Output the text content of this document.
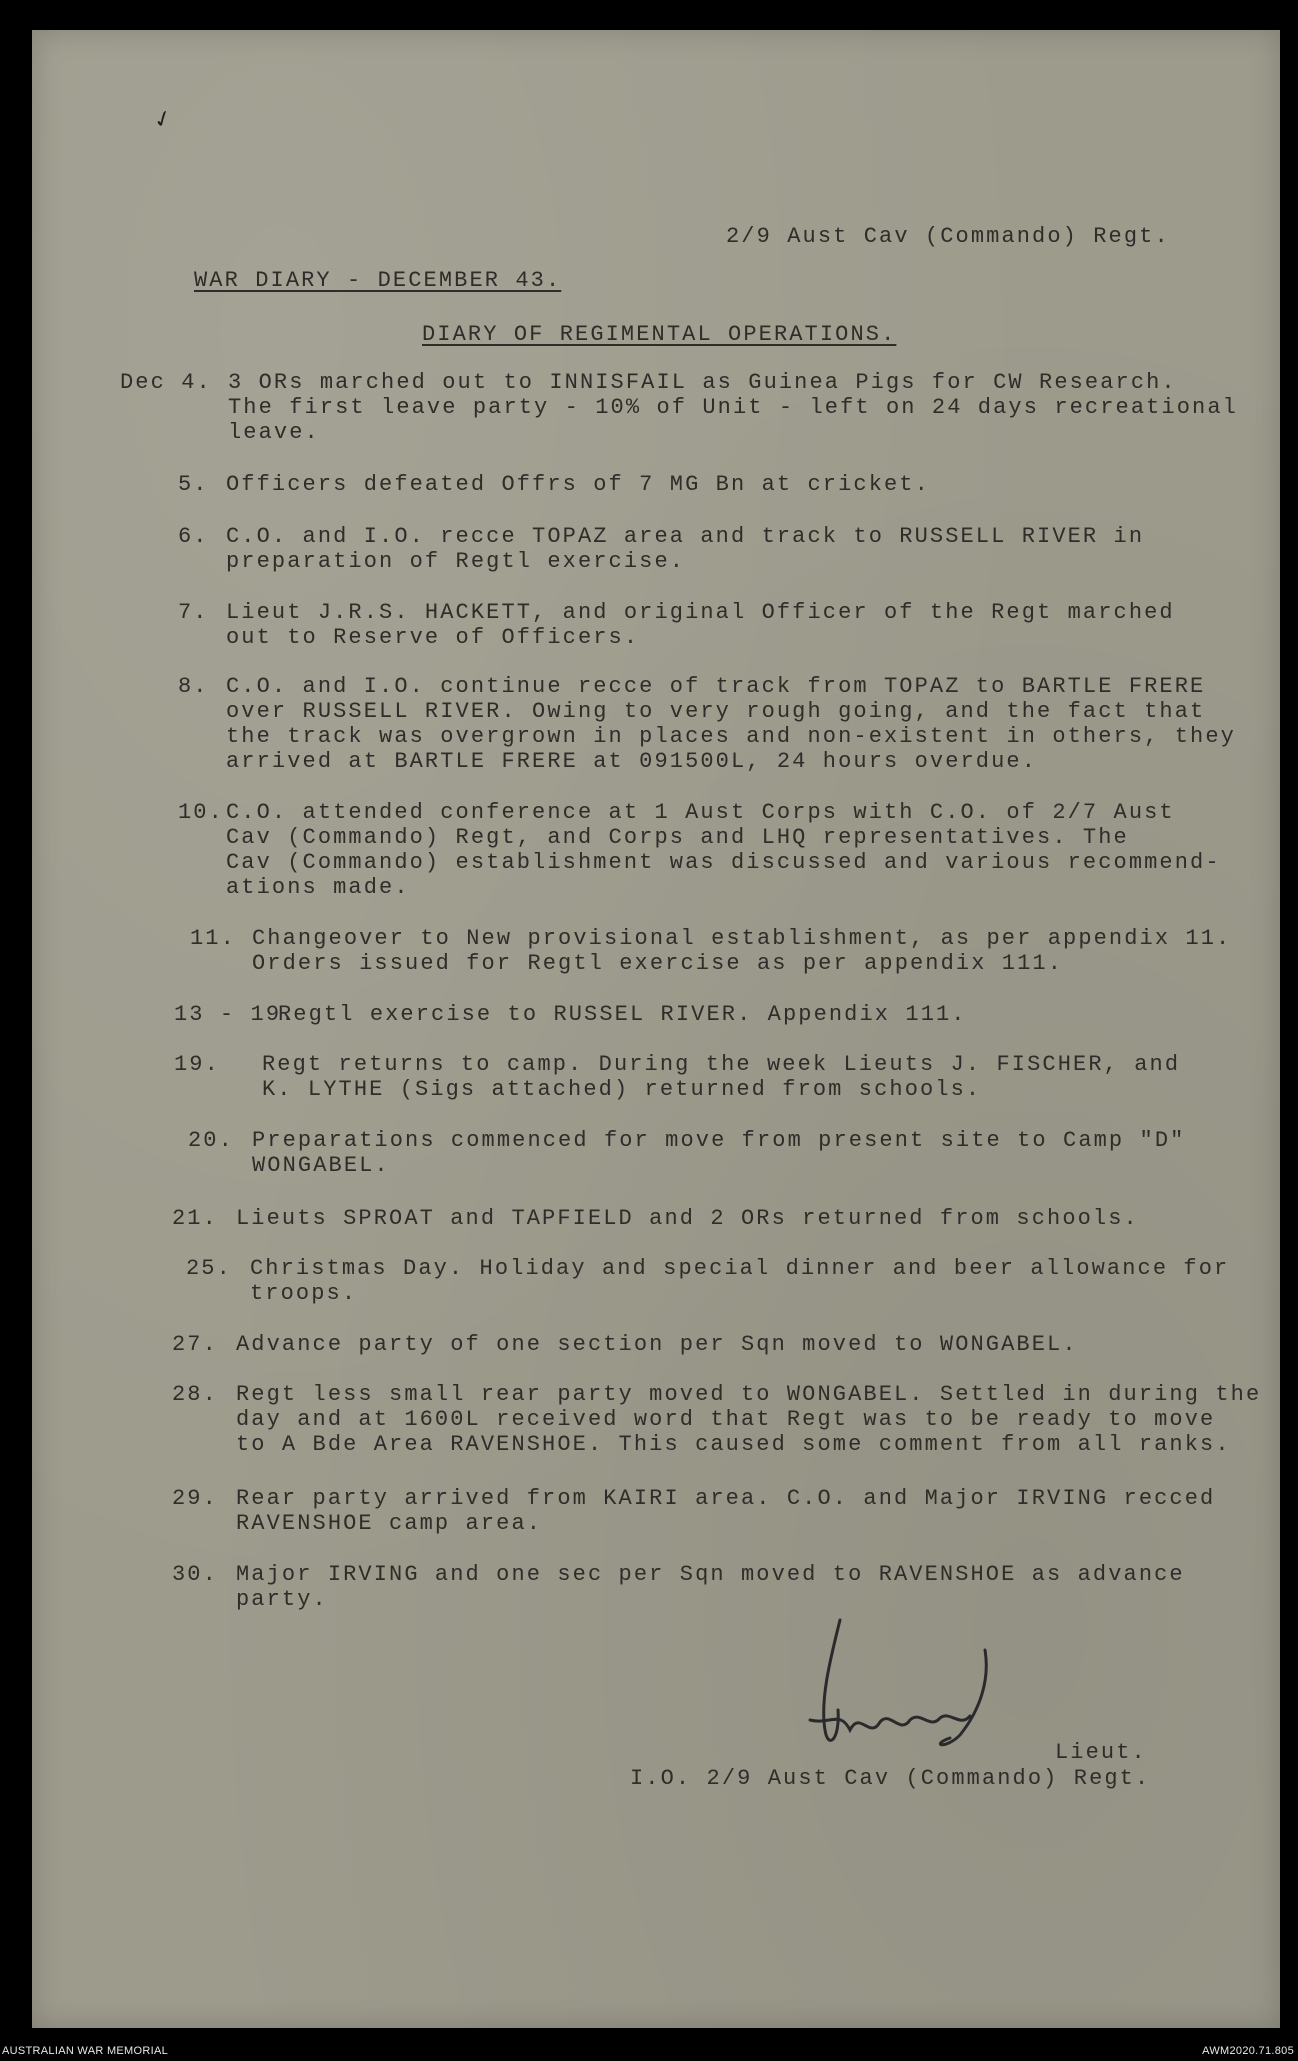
✓
2/9 Aust Cav (Commando) Regt.
WAR DIARY - DECEMBER 43.
DIARY OF REGIMENTAL OPERATIONS.
Dec 4. 3 ORs marched out to INNISFAIL as Guinea Pigs for CW Research.
The first leave party - 10% of Unit - left on 24 days recreational
leave.
5. Officers defeated Offrs of 7 MG Bn at cricket.
6. C.O. and I.O. recce TOPAZ area and track to RUSSELL RIVER in
preparation of Regtl exercise.
7. Lieut J.R.S. HACKETT, and original Officer of the Regt marched
out to Reserve of Officers.
8. C.O. and I.O. continue recce of track from TOPAZ to BARTLE FRERE
over RUSSELL RIVER. Owing to very rough going, and the fact that
the track was overgrown in places and non-existent in others, they
arrived at BARTLE FRERE at 091500L, 24 hours overdue.
10. C.O. attended conference at 1 Aust Corps with C.O. of 2/7 Aust
Cav (Commando) Regt, and Corps and LHQ representatives. The
Cav (Commando) establishment was discussed and various recommend-
ations made.
11. Changeover to New provisional establishment, as per appendix 11.
Orders issued for Regtl exercise as per appendix 111.
13 - 19.
Regtl exercise to RUSSEL RIVER. Appendix 111.
19. Regt returns to camp. During the week Lieuts J. FISCHER, and
K. LYTHE (Sigs attached) returned from schools.
20. Preparations commenced for move from present site to Camp "D"
WONGABEL.
21. Lieuts SPROAT and TAPFIELD and 2 ORs returned from schools.
25. Christmas Day. Holiday and special dinner and beer allowance for
troops.
27. Advance party of one section per Sqn moved to WONGABEL.
28. Regt less small rear party moved to WONGABEL. Settled in during the
day and at 1600L received word that Regt was to be ready to move
to A Bde Area RAVENSHOE. This caused some comment from all ranks.
29. Rear party arrived from KAIRI area. C.O. and Major IRVING recced
RAVENSHOE camp area.
30. Major IRVING and one sec per Sqn moved to RAVENSHOE as advance
party.
Lieut.
I.O. 2/9 Aust Cav (Commando) Regt.
AUSTRALIAN WAR MEMORIAL	AWM2020.71.805
